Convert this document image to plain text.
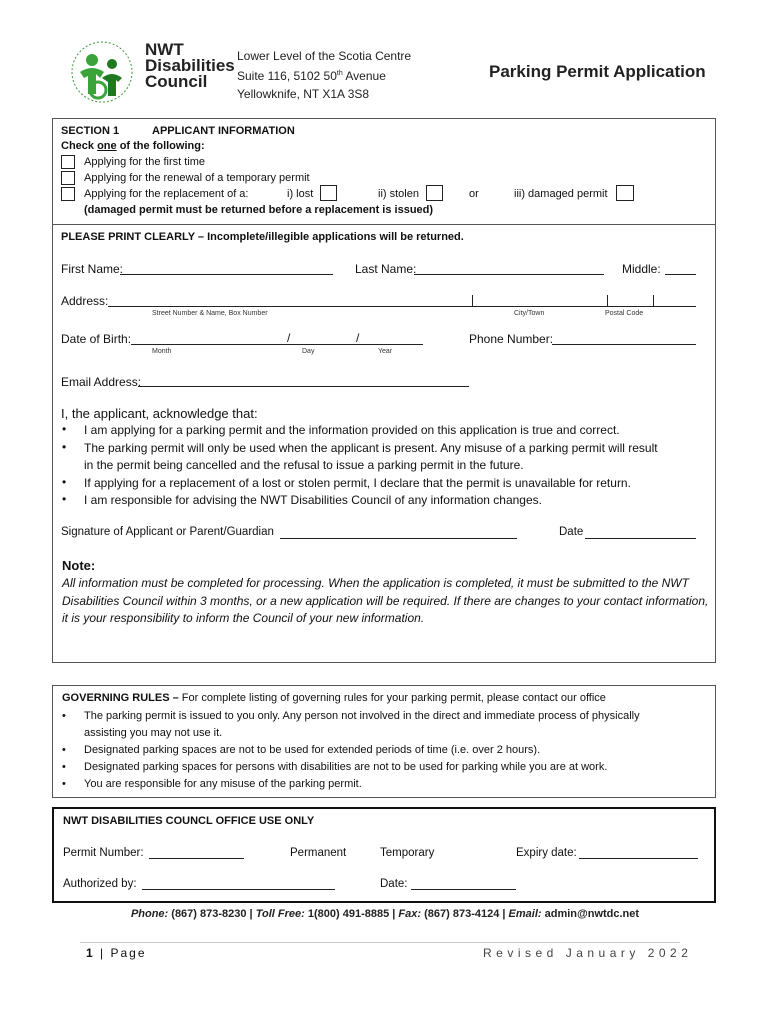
NWT
Disabilities
Council
Lower Level of the Scotia Centre
Suite 116, 5102 50th Avenue
Yellowknife, NT X1A 3S8
Parking Permit Application
SECTION 1	APPLICANT INFORMATION
Check one of the following:
Applying for the first time
Applying for the renewal of a temporary permit
Applying for the replacement of a:	i) lost	ii) stolen	or	iii) damaged permit
(damaged permit must be returned before a replacement is issued)
PLEASE PRINT CLEARLY – Incomplete/illegible applications will be returned.
First Name:	Last Name:	Middle:
Address:
Street Number & Name, Box Number	City/Town	Postal Code
Date of Birth:	/	/
Month	Day	Year
Phone Number:
Email Address:
I, the applicant, acknowledge that:
• I am applying for a parking permit and the information provided on this application is true and correct.
• The parking permit will only be used when the applicant is present. Any misuse of a parking permit will result
in the permit being cancelled and the refusal to issue a parking permit in the future.
• If applying for a replacement of a lost or stolen permit, I declare that the permit is unavailable for return.
• I am responsible for advising the NWT Disabilities Council of any information changes.
Signature of Applicant or Parent/Guardian	Date
Note:
All information must be completed for processing. When the application is completed, it must be submitted to the NWT Disabilities Council within 3 months, or a new application will be required. If there are changes to your contact information, it is your responsibility to inform the Council of your new information.
GOVERNING RULES – For complete listing of governing rules for your parking permit, please contact our office
• The parking permit is issued to you only. Any person not involved in the direct and immediate process of physically
assisting you may not use it.
• Designated parking spaces are not to be used for extended periods of time (i.e. over 2 hours).
• Designated parking spaces for persons with disabilities are not to be used for parking while you are at work.
• You are responsible for any misuse of the parking permit.
NWT DISABILITIES COUNCL OFFICE USE ONLY
Permit Number:	Permanent	Temporary	Expiry date:
Authorized by:	Date:
Phone: (867) 873-8230 | Toll Free: 1(800) 491-8885 | Fax: (867) 873-4124 | Email: admin@nwtdc.net
1 | Page	Revised January 2022
